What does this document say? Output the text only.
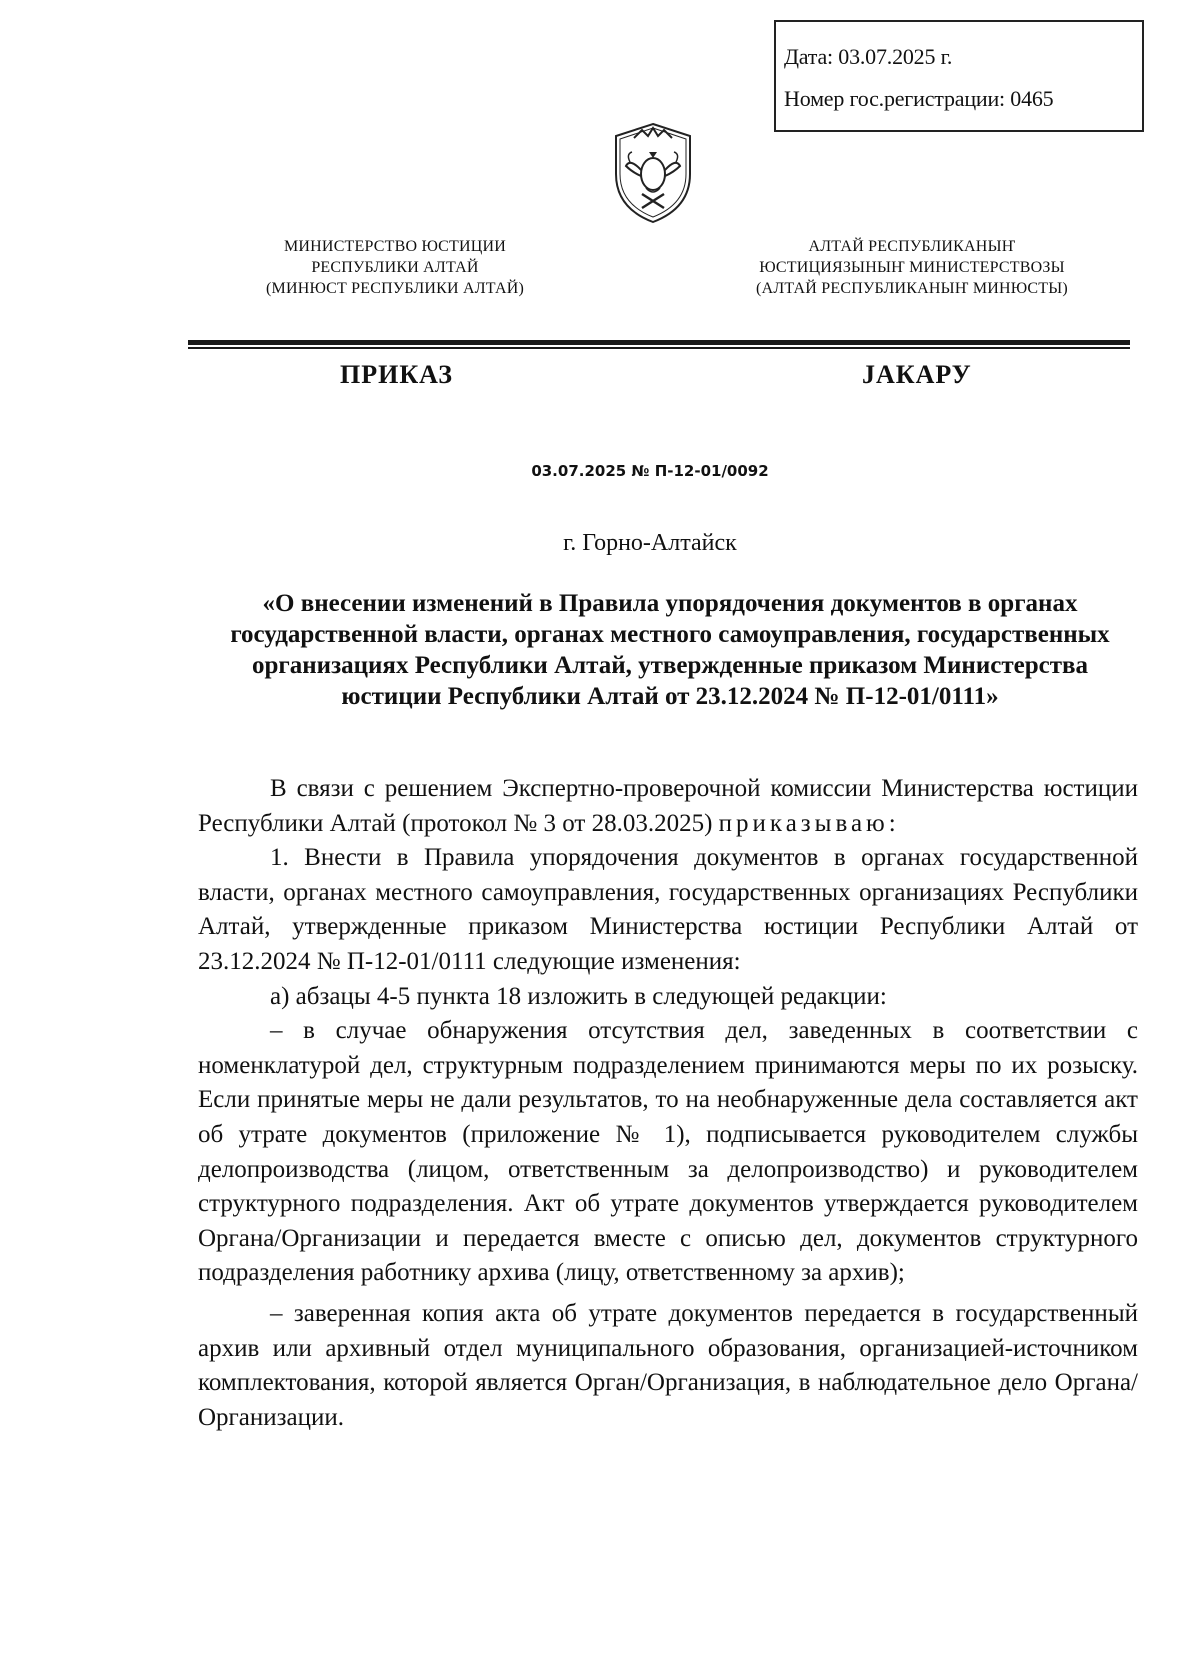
Дата: 03.07.2025 г.
Номер гос.регистрации: 0465
МИНИСТЕРСТВО ЮСТИЦИИ
РЕСПУБЛИКИ АЛТАЙ
(МИНЮСТ РЕСПУБЛИКИ АЛТАЙ)
АЛТАЙ РЕСПУБЛИКАНЫҤ
ЮСТИЦИЯЗЫНЫҤ МИНИСТЕРСТВОЗЫ
(АЛТАЙ РЕСПУБЛИКАНЫҤ МИНЮСТЫ)
ПРИКАЗ	ЈАКАРУ
03.07.2025 № П-12-01/0092
г. Горно-Алтайск
«О внесении изменений в Правила упорядочения документов в органах государственной власти, органах местного самоуправления, государственных организациях Республики Алтай, утвержденные приказом Министерства юстиции Республики Алтай от 23.12.2024 № П-12-01/0111»

В связи с решением Экспертно-проверочной комиссии Министерства юстиции Республики Алтай (протокол № 3 от 28.03.2025) приказываю:

1. Внести в Правила упорядочения документов в органах государственной власти, органах местного самоуправления, государственных организациях Республики Алтай, утвержденные приказом Министерства юстиции Республики Алтай от 23.12.2024 № П-12-01/0111 следующие изменения:

а) абзацы 4-5 пункта 18 изложить в следующей редакции:

– в случае обнаружения отсутствия дел, заведенных в соответствии с номенклатурой дел, структурным подразделением принимаются меры по их розыску. Если принятые меры не дали результатов, то на необнаруженные дела составляется акт об утрате документов (приложение № 1), подписывается руководителем службы делопроизводства (лицом, ответственным за делопроизводство) и руководителем структурного подразделения. Акт об утрате документов утверждается руководителем Органа/Организации и передается вместе с описью дел, документов структурного подразделения работнику архива (лицу, ответственному за архив);

– заверенная копия акта об утрате документов передается в государственный архив или архивный отдел муниципального образования, организацией-источником комплектования, которой является Орган/Организация, в наблюдательное дело Органа/Организации.
